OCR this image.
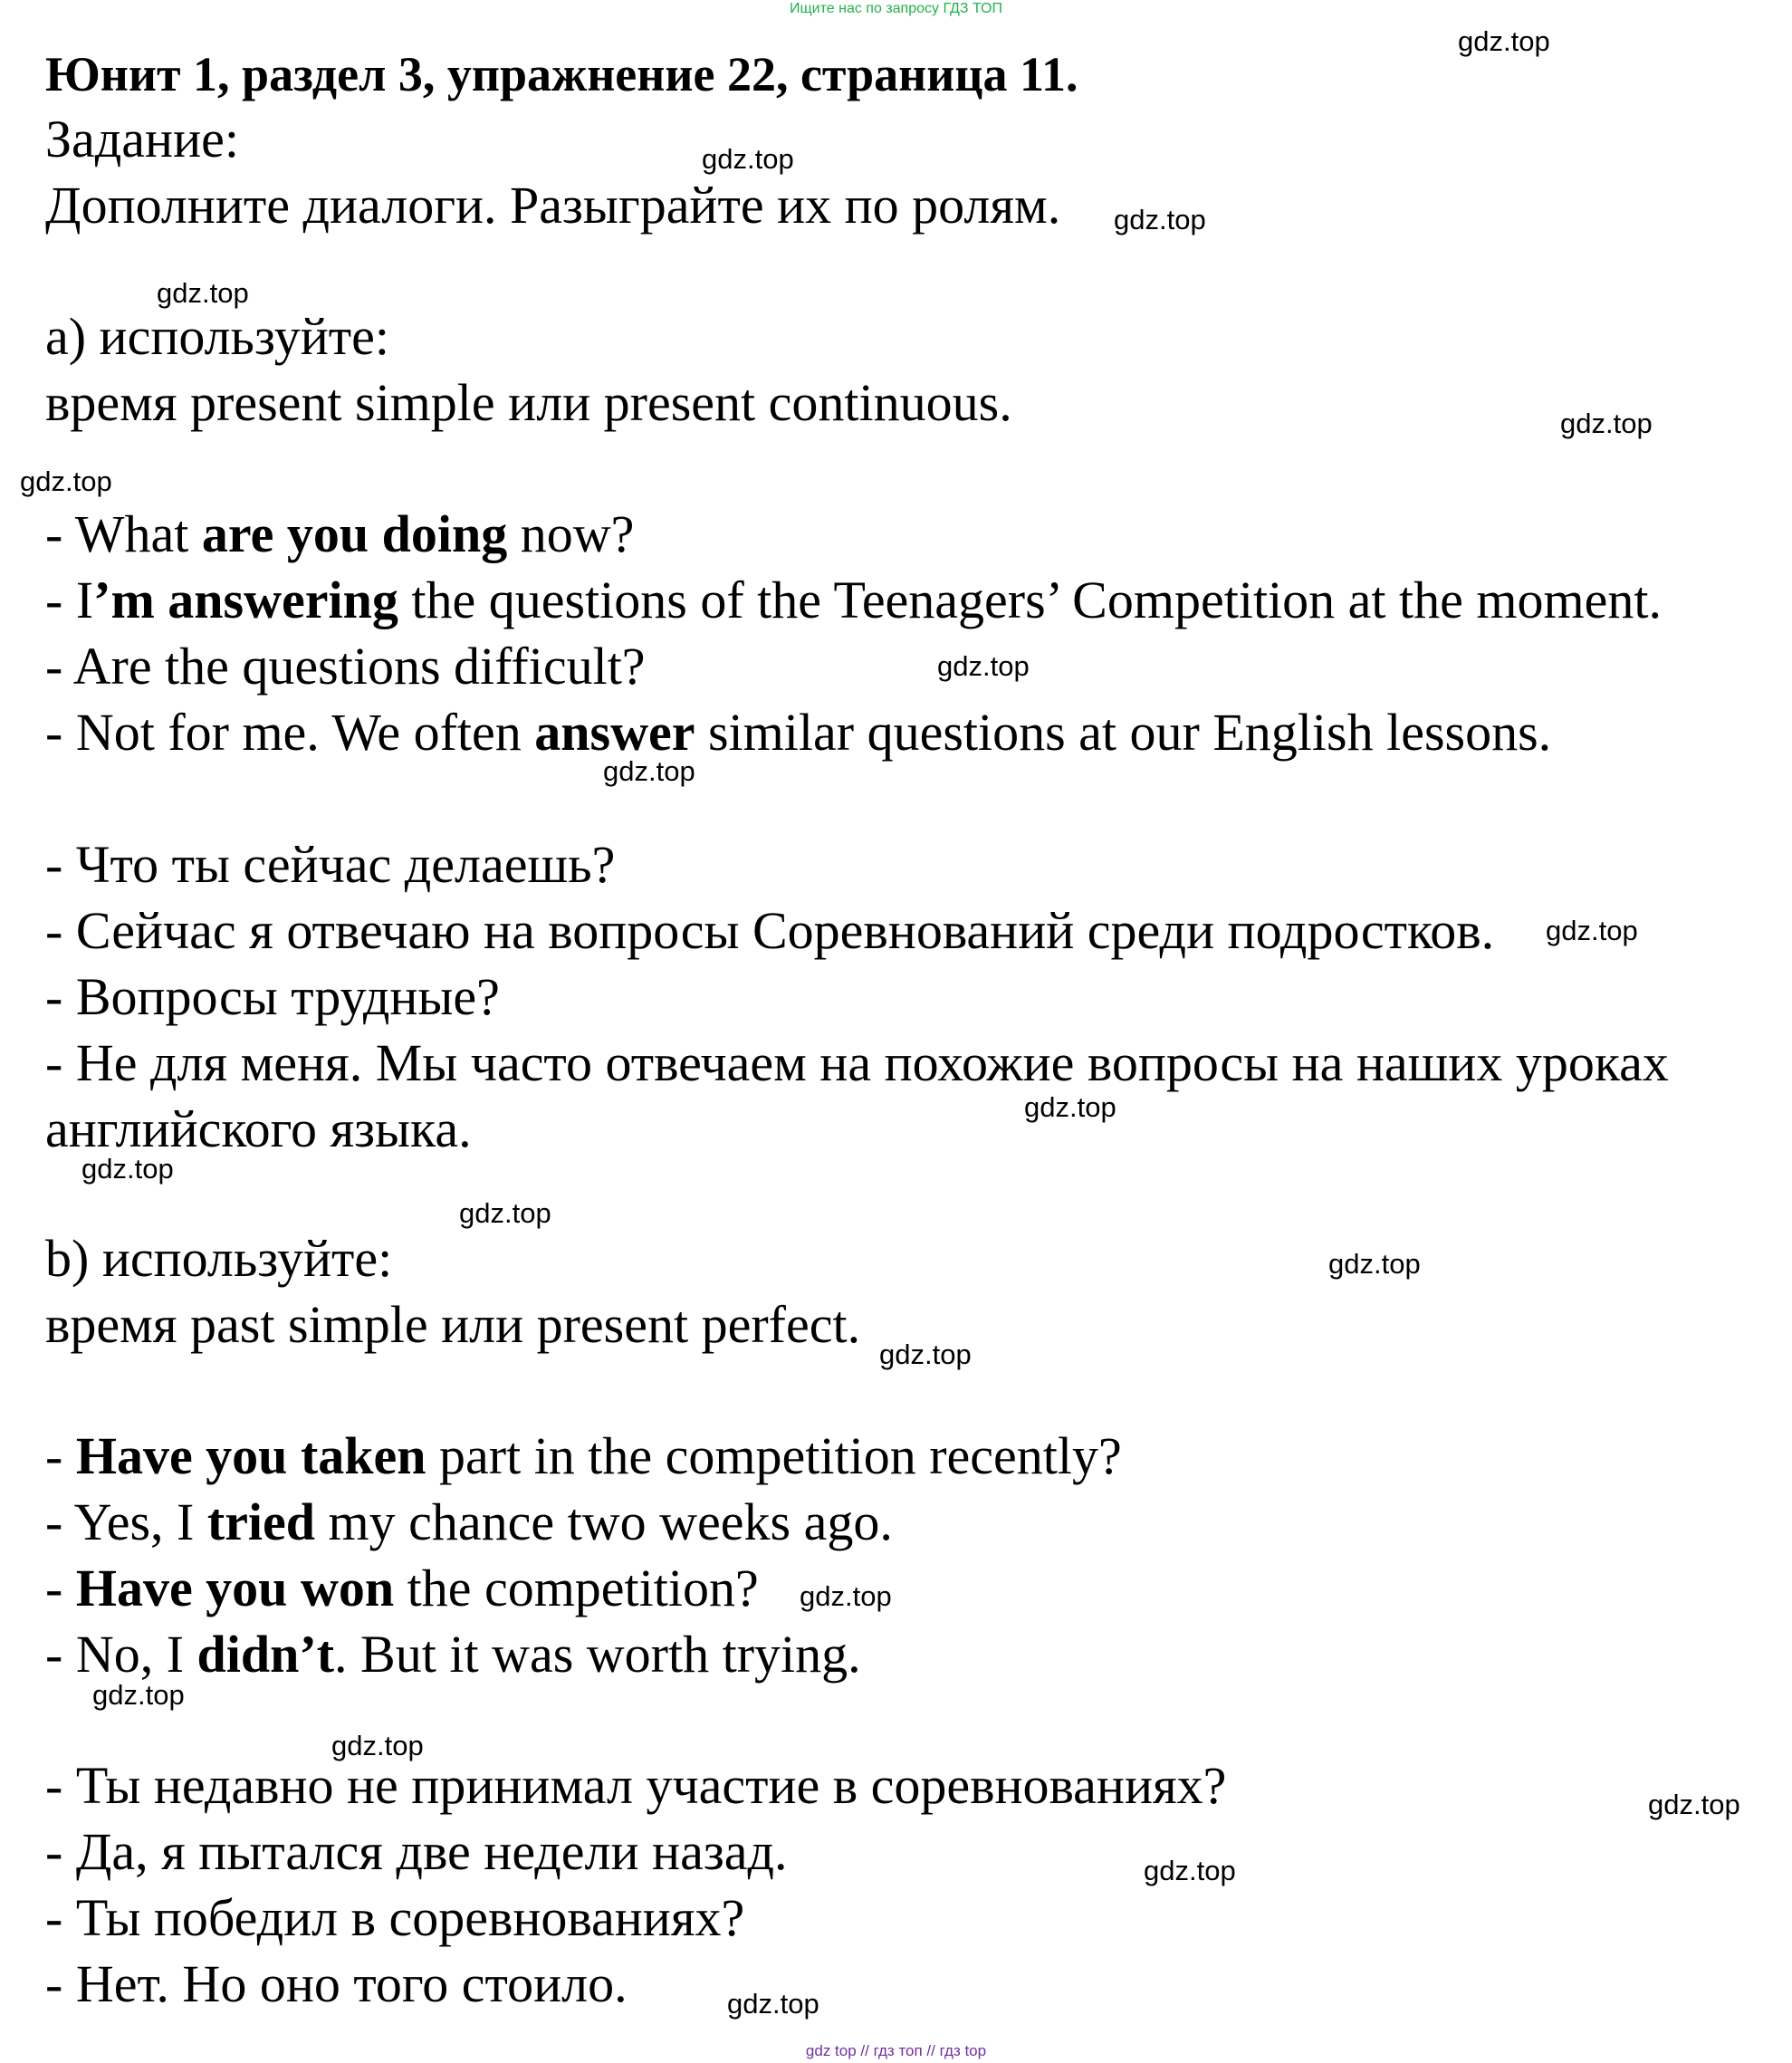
Ищите нас по запросу ГДЗ ТОП
Юнит 1, раздел 3, упражнение 22, страница 11.
Задание:
Дополните диалоги. Разыграйте их по ролям.
a) используйте:
время present simple или present continuous.
- What are you doing now?
- I’m answering the questions of the Teenagers’ Competition at the moment.
- Are the questions difficult?
- Not for me. We often answer similar questions at our English lessons.
- Что ты сейчас делаешь?
- Сейчас я отвечаю на вопросы Соревнований среди подростков.
- Вопросы трудные?
- Не для меня. Мы часто отвечаем на похожие вопросы на наших уроках
английского языка.
b) используйте:
время past simple или present perfect.
- Have you taken part in the competition recently?
- Yes, I tried my chance two weeks ago.
- Have you won the competition?
- No, I didn’t. But it was worth trying.
- Ты недавно не принимал участие в соревнованиях?
- Да, я пытался две недели назад.
- Ты победил в соревнованиях?
- Нет. Но оно того стоило.
gdz.top
gdz.top
gdz.top
gdz.top
gdz.top
gdz.top
gdz.top
gdz.top
gdz.top
gdz.top
gdz.top
gdz.top
gdz.top
gdz.top
gdz.top
gdz.top
gdz.top
gdz.top
gdz.top
gdz.top
gdz top // гдз топ // гдз top
